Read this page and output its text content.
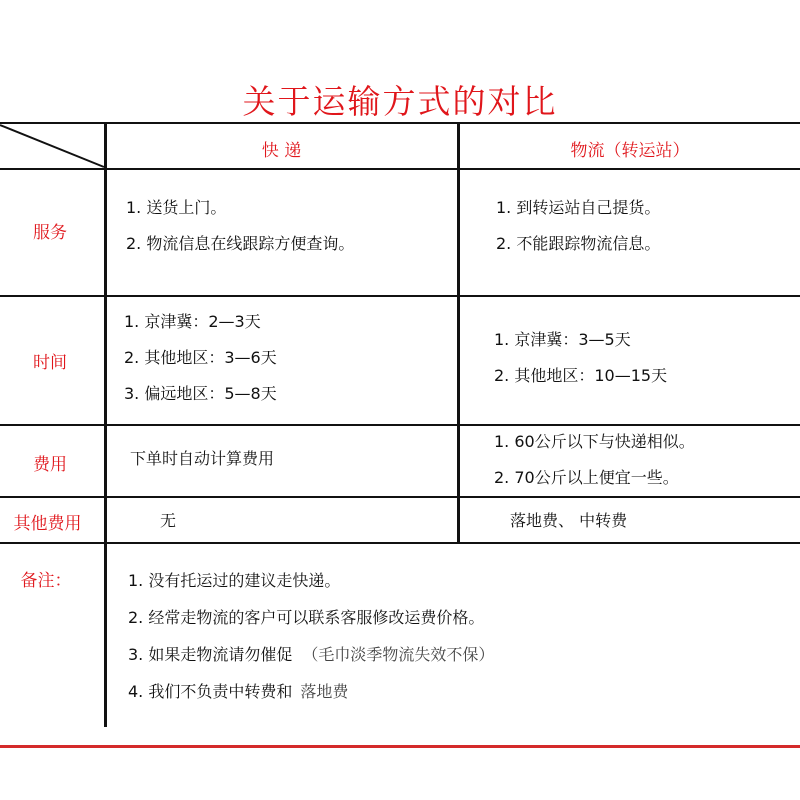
关于运输方式的对比
快 递	物流（转运站）
服务
时间
费用
其他费用
备注：
1. 送货上门。
2. 物流信息在线跟踪方便查询。
1. 到转运站自己提货。
2. 不能跟踪物流信息。
1. 京津冀：2—3天
2. 其他地区：3—6天
3. 偏远地区：5—8天
1. 京津冀：3—5天
2. 其他地区：10—15天
下单时自动计算费用
1. 60公斤以下与快递相似。
2. 70公斤以上便宜一些。
无	落地费、 中转费
1. 没有托运过的建议走快递。
2. 经常走物流的客户可以联系客服修改运费价格。
3. 如果走物流请勿催促 （毛巾淡季物流失效不保）
4. 我们不负责中转费和 落地费
